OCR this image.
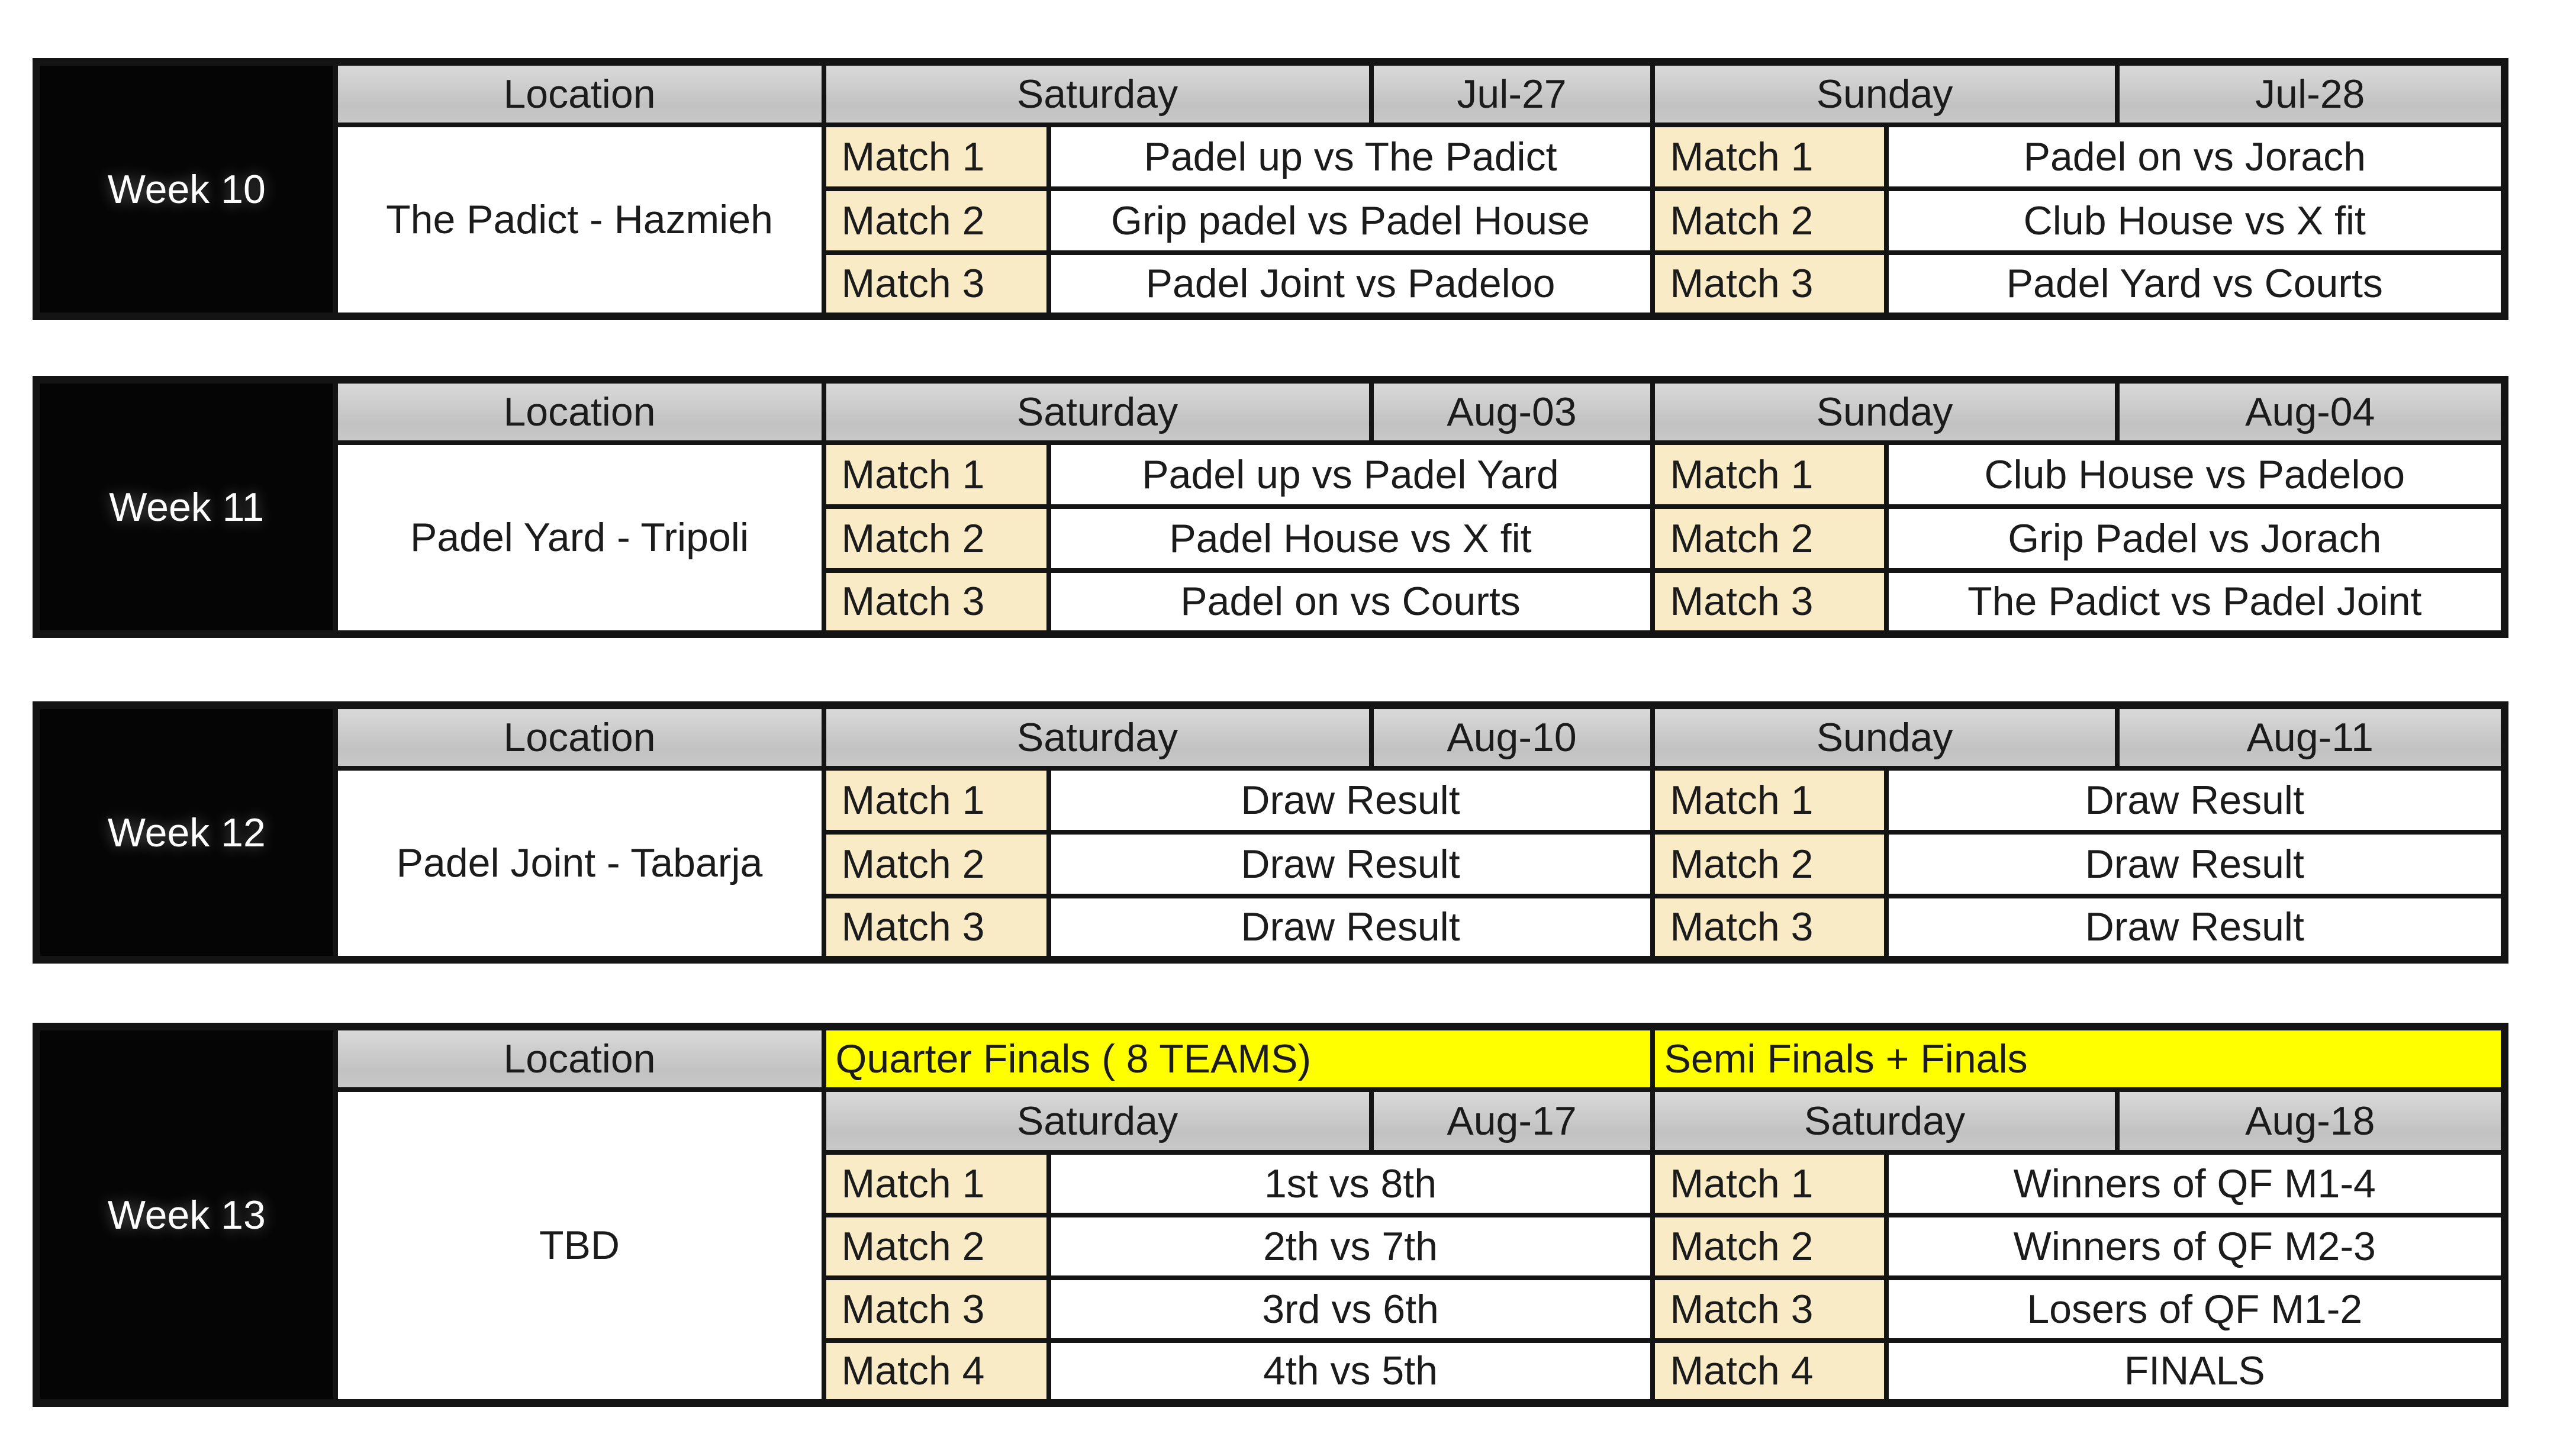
Week 10	Location	Saturday		Jul-27	Sunday		Jul-28
	The Padict - Hazmieh	Match 1	Padel up vs The Padict		Match 1	Padel on vs Jorach	
		Match 2	Grip padel vs Padel House		Match 2	Club House vs X fit	
		Match 3	Padel Joint vs Padeloo		Match 3	Padel Yard vs Courts	
Week 11	Location	Saturday		Aug-03	Sunday		Aug-04
	Padel Yard - Tripoli	Match 1	Padel up vs Padel Yard		Match 1	Club House vs Padeloo	
		Match 2	Padel House vs X fit		Match 2	Grip Padel vs Jorach	
		Match 3	Padel on vs Courts		Match 3	The Padict vs Padel Joint	
Week 12	Location	Saturday		Aug-10	Sunday		Aug-11
	Padel Joint - Tabarja	Match 1	Draw Result		Match 1	Draw Result	
		Match 2	Draw Result		Match 2	Draw Result	
		Match 3	Draw Result		Match 3	Draw Result	
Week 13	Location	Quarter Finals ( 8 TEAMS)			Semi Finals + Finals		
	TBD	Saturday		Aug-17	Saturday		Aug-18
		Match 1	1st vs 8th		Match 1	Winners of QF M1-4	
		Match 2	2th vs 7th		Match 2	Winners of QF M2-3	
		Match 3	3rd vs 6th		Match 3	Losers of QF M1-2	
		Match 4	4th vs 5th		Match 4	FINALS	
